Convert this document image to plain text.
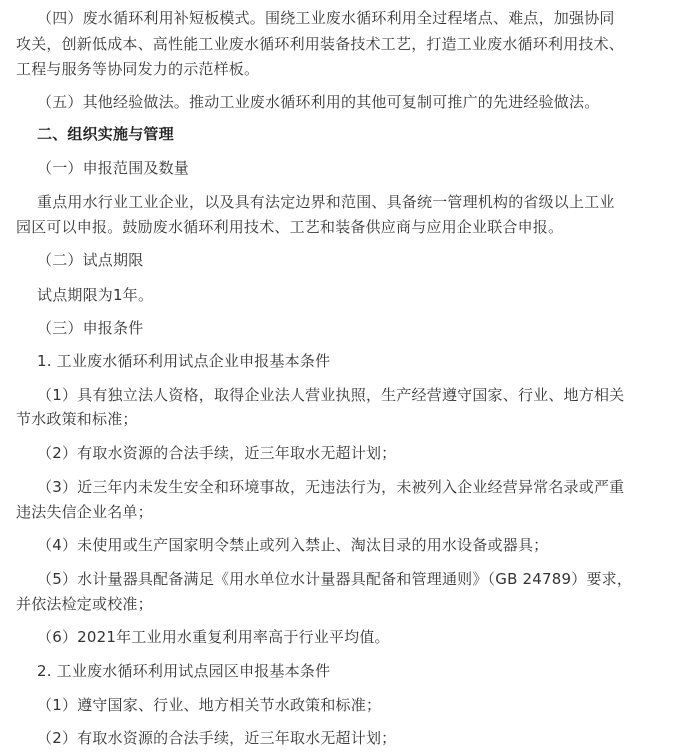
（四）废水循环利用补短板模式。围绕工业废水循环利用全过程堵点、难点，加强协同
攻关，创新低成本、高性能工业废水循环利用装备技术工艺，打造工业废水循环利用技术、
工程与服务等协同发力的示范样板。
（五）其他经验做法。推动工业废水循环利用的其他可复制可推广的先进经验做法。
二、组织实施与管理
（一）申报范围及数量
重点用水行业工业企业，以及具有法定边界和范围、具备统一管理机构的省级以上工业
园区可以申报。鼓励废水循环利用技术、工艺和装备供应商与应用企业联合申报。
（二）试点期限
试点期限为1年。
（三）申报条件
1. 工业废水循环利用试点企业申报基本条件
（1）具有独立法人资格，取得企业法人营业执照，生产经营遵守国家、行业、地方相关
节水政策和标准；
（2）有取水资源的合法手续，近三年取水无超计划；
（3）近三年内未发生安全和环境事故，无违法行为，未被列入企业经营异常名录或严重
违法失信企业名单；
（4）未使用或生产国家明令禁止或列入禁止、淘汰目录的用水设备或器具；
（5）水计量器具配备满足《用水单位水计量器具配备和管理通则》（GB 24789）要求，
并依法检定或校准；
（6）2021年工业用水重复利用率高于行业平均值。
2. 工业废水循环利用试点园区申报基本条件
（1）遵守国家、行业、地方相关节水政策和标准；
（2）有取水资源的合法手续，近三年取水无超计划；
